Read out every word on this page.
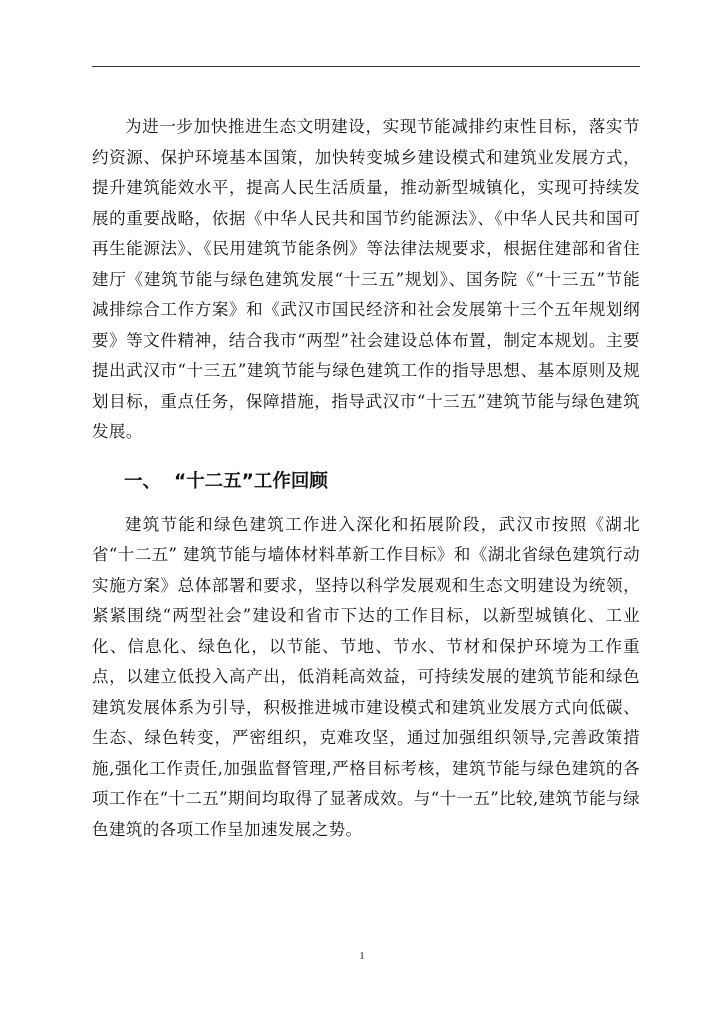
为进一步加快推进生态文明建设，实现节能减排约束性目标，落实节约资源、保护环境基本国策，加快转变城乡建设模式和建筑业发展方式，提升建筑能效水平，提高人民生活质量，推动新型城镇化，实现可持续发展的重要战略，依据《中华人民共和国节约能源法》、《中华人民共和国可再生能源法》、《民用建筑节能条例》等法律法规要求，根据住建部和省住建厅《建筑节能与绿色建筑发展“十三五”规划》、国务院《“十三五”节能减排综合工作方案》和《武汉市国民经济和社会发展第十三个五年规划纲要》等文件精神，结合我市“两型”社会建设总体布置，制定本规划。主要提出武汉市“十三五”建筑节能与绿色建筑工作的指导思想、基本原则及规划目标，重点任务，保障措施，指导武汉市“十三五”建筑节能与绿色建筑发展。

一、 “十二五”工作回顾

建筑节能和绿色建筑工作进入深化和拓展阶段，武汉市按照《湖北省“十二五” 建筑节能与墙体材料革新工作目标》和《湖北省绿色建筑行动实施方案》总体部署和要求，坚持以科学发展观和生态文明建设为统领，紧紧围绕“两型社会”建设和省市下达的工作目标，以新型城镇化、工业化、信息化、绿色化，以节能、节地、节水、节材和保护环境为工作重点，以建立低投入高产出，低消耗高效益，可持续发展的建筑节能和绿色建筑发展体系为引导，积极推进城市建设模式和建筑业发展方式向低碳、生态、绿色转变，严密组织，克难攻坚，通过加强组织领导,完善政策措施,强化工作责任,加强监督管理,严格目标考核，建筑节能与绿色建筑的各项工作在“十二五”期间均取得了显著成效。与“十一五”比较,建筑节能与绿色建筑的各项工作呈加速发展之势。

1
